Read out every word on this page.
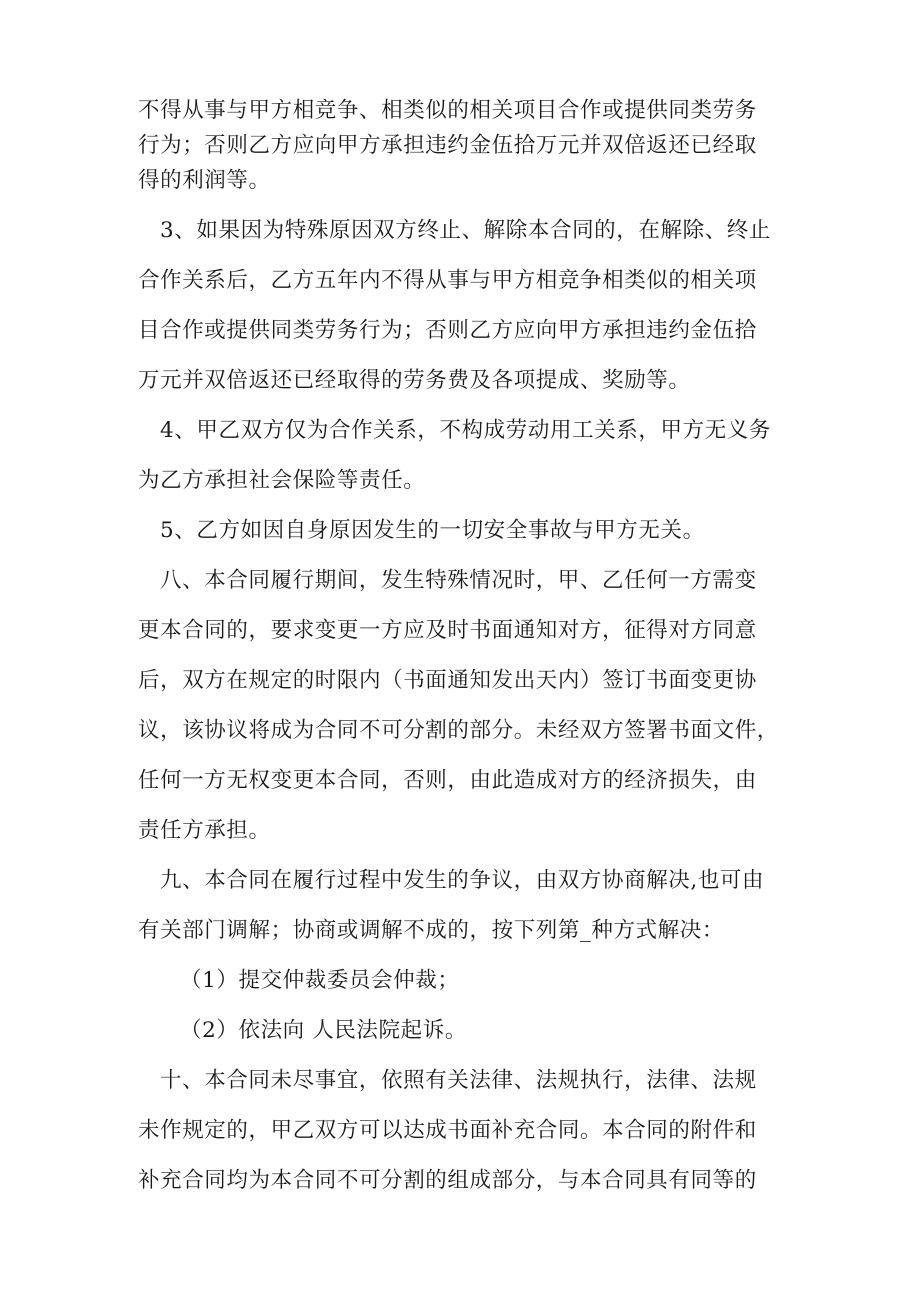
不得从事与甲方相竞争、相类似的相关项目合作或提供同类劳务
行为；否则乙方应向甲方承担违约金伍拾万元并双倍返还已经取
得的利润等。
3、如果因为特殊原因双方终止、解除本合同的，在解除、终止
合作关系后，乙方五年内不得从事与甲方相竞争相类似的相关项
目合作或提供同类劳务行为；否则乙方应向甲方承担违约金伍拾
万元并双倍返还已经取得的劳务费及各项提成、奖励等。
4、甲乙双方仅为合作关系，不构成劳动用工关系，甲方无义务
为乙方承担社会保险等责任。
5、乙方如因自身原因发生的一切安全事故与甲方无关。
八、本合同履行期间，发生特殊情况时，甲、乙任何一方需变
更本合同的，要求变更一方应及时书面通知对方，征得对方同意
后，双方在规定的时限内（书面通知发出天内）签订书面变更协
议，该协议将成为合同不可分割的部分。未经双方签署书面文件，
任何一方无权变更本合同，否则，由此造成对方的经济损失，由
责任方承担。
九、本合同在履行过程中发生的争议，由双方协商解决,也可由
有关部门调解；协商或调解不成的，按下列第_种方式解决：
（1）提交仲裁委员会仲裁；
（2）依法向 人民法院起诉。
十、本合同未尽事宜，依照有关法律、法规执行，法律、法规
未作规定的，甲乙双方可以达成书面补充合同。本合同的附件和
补充合同均为本合同不可分割的组成部分，与本合同具有同等的
